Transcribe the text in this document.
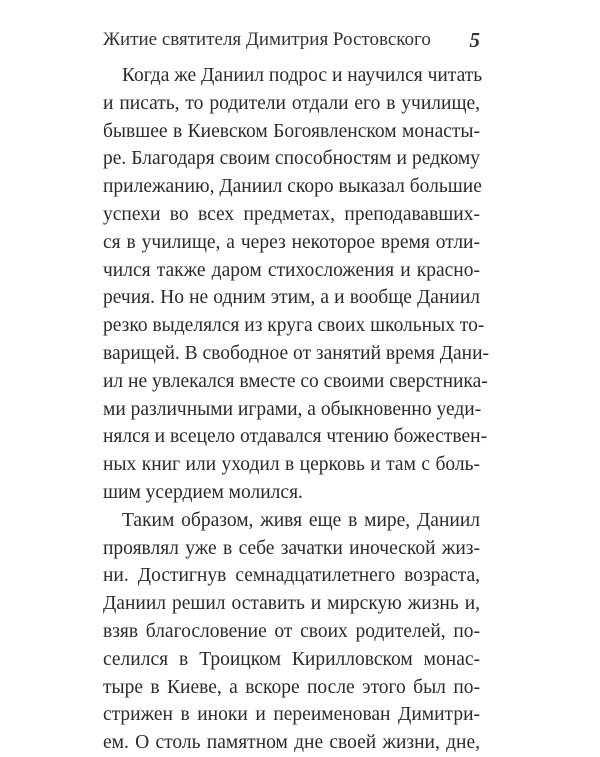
Житие святителя Димитрия Ростовского 5
Когда же Даниил подрос и научился читать
и писать, то родители отдали его в училище,
бывшее в Киевском Богоявленском монасты-
ре. Благодаря своим способностям и редкому
прилежанию, Даниил скоро выказал большие
успехи во всех предметах, преподававших-
ся в училище, а через некоторое время отли-
чился также даром стихосложения и красно-
речия. Но не одним этим, а и вообще Даниил
резко выделялся из круга своих школьных то-
варищей. В свободное от занятий время Дани-
ил не увлекался вместе со своими сверстника-
ми различными играми, а обыкновенно уеди-
нялся и всецело отдавался чтению божествен-
ных книг или уходил в церковь и там с боль-
шим усердием молился.
Таким образом, живя еще в мире, Даниил
проявлял уже в себе зачатки иноческой жиз-
ни. Достигнув семнадцатилетнего возраста,
Даниил решил оставить и мирскую жизнь и,
взяв благословение от своих родителей, по-
селился в Троицком Кирилловском монас-
тыре в Киеве, а вскоре после этого был по-
стрижен в иноки и переименован Димитри-
ем. О столь памятном дне своей жизни, дне,
